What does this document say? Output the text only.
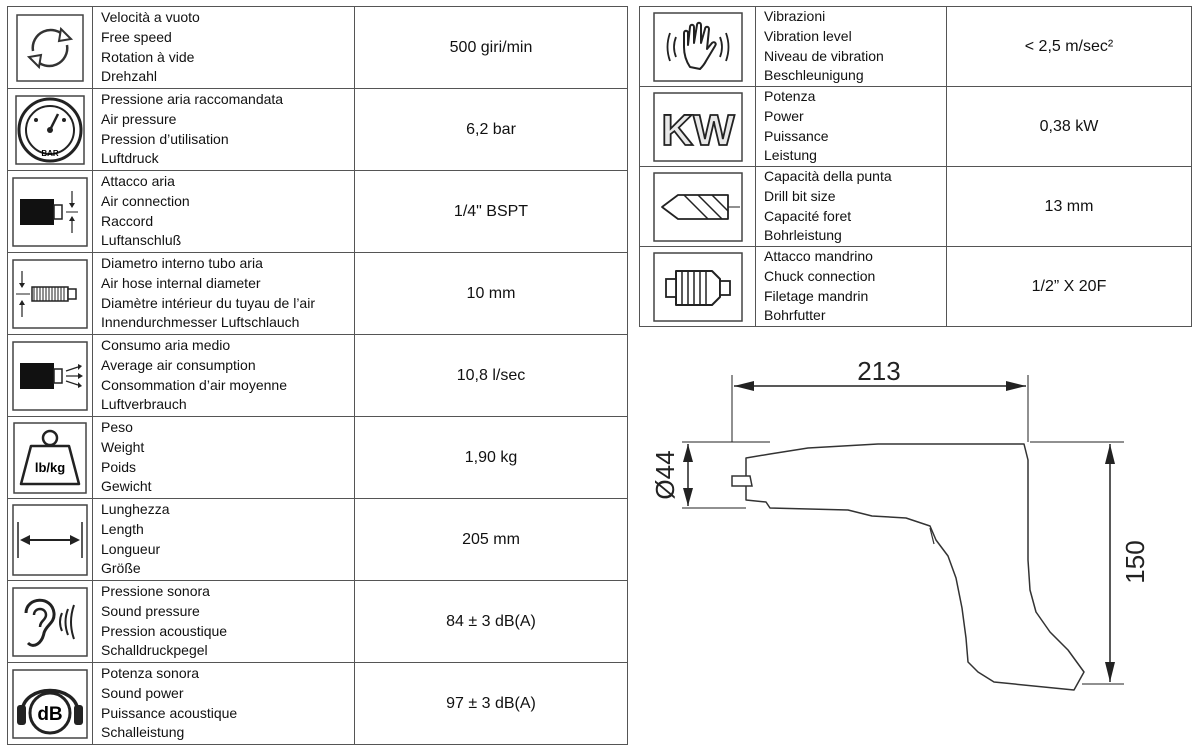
Velocità a vuoto
Free speed
Rotation à vide
Drehzahl	500 giri/min

BAR	Pressione aria raccomandata
Air pressure
Pression d’utilisation
Luftdruck	6,2 bar

Attacco aria
Air connection
Raccord
Luftanschluß	1/4" BSPT

Diametro interno tubo aria
Air hose internal diameter
Diamètre intérieur du tuyau de l’air
Innendurchmesser Luftschlauch	10 mm

Consumo aria medio
Average air consumption
Consommation d’air moyenne
Luftverbrauch	10,8 l/sec

lb/kg	Peso
Weight
Poids
Gewicht	1,90 kg

Lunghezza
Length
Longueur
Größe	205 mm

Pressione sonora
Sound pressure
Pression acoustique
Schalldruckpegel	84 ± 3 dB(A)

dB	Potenza sonora
Sound power
Puissance acoustique
Schalleistung	97 ± 3 dB(A)

Vibrazioni
Vibration level
Niveau de vibration
Beschleunigung	< 2,5 m/sec²

KW	Potenza
Power
Puissance
Leistung	0,38 kW

Capacità della punta
Drill bit size
Capacité foret
Bohrleistung	13 mm

Attacco mandrino
Chuck connection
Filetage mandrin
Bohrfutter	1/2” X 20F
213
Ø44
150
